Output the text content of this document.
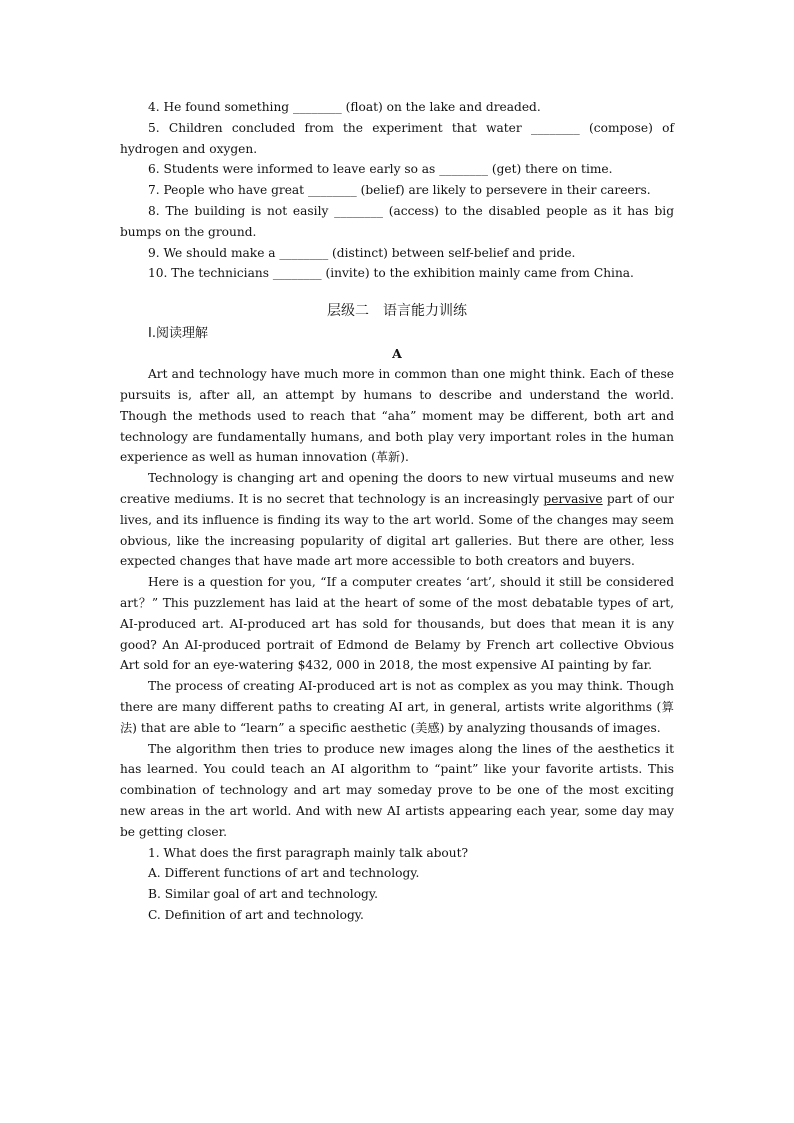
4. He found something ________ (float) on the lake and dreaded.

5. Children concluded from the experiment that water ________ (compose) of hydrogen and oxygen.

6. Students were informed to leave early so as ________ (get) there on time.

7. People who have great ________ (belief) are likely to persevere in their careers.

8. The building is not easily ________ (access) to the disabled people as it has big bumps on the ground.

9. We should make a ________ (distinct) between self-belief and pride.

10. The technicians ________ (invite) to the exhibition mainly came from China.

层级二　语言能力训练
Ⅰ.阅读理解
A

Art and technology have much more in common than one might think. Each of these pursuits is, after all, an attempt by humans to describe and understand the world. Though the methods used to reach that “aha” moment may be different, both art and technology are fundamentally humans, and both play very important roles in the human experience as well as human innovation (革新).

Technology is changing art and opening the doors to new virtual museums and new creative mediums. It is no secret that technology is an increasingly pervasive part of our lives, and its influence is finding its way to the art world. Some of the changes may seem obvious, like the increasing popularity of digital art galleries. But there are other, less expected changes that have made art more accessible to both creators and buyers.

Here is a question for you, “If a computer creates ‘art’, should it still be considered art？” This puzzlement has laid at the heart of some of the most debatable types of art, AI-produced art. AI-produced art has sold for thousands, but does that mean it is any good? An AI-produced portrait of Edmond de Belamy by French art collective Obvious Art sold for an eye-watering $432, 000 in 2018, the most expensive AI painting by far.

The process of creating AI-produced art is not as complex as you may think. Though there are many different paths to creating AI art, in general, artists write algorithms (算法) that are able to “learn” a specific aesthetic (美感) by analyzing thousands of images.

The algorithm then tries to produce new images along the lines of the aesthetics it has learned. You could teach an AI algorithm to “paint” like your favorite artists. This combination of technology and art may someday prove to be one of the most exciting new areas in the art world. And with new AI artists appearing each year, some day may be getting closer.

1. What does the first paragraph mainly talk about?

A. Different functions of art and technology.

B. Similar goal of art and technology.

C. Definition of art and technology.
